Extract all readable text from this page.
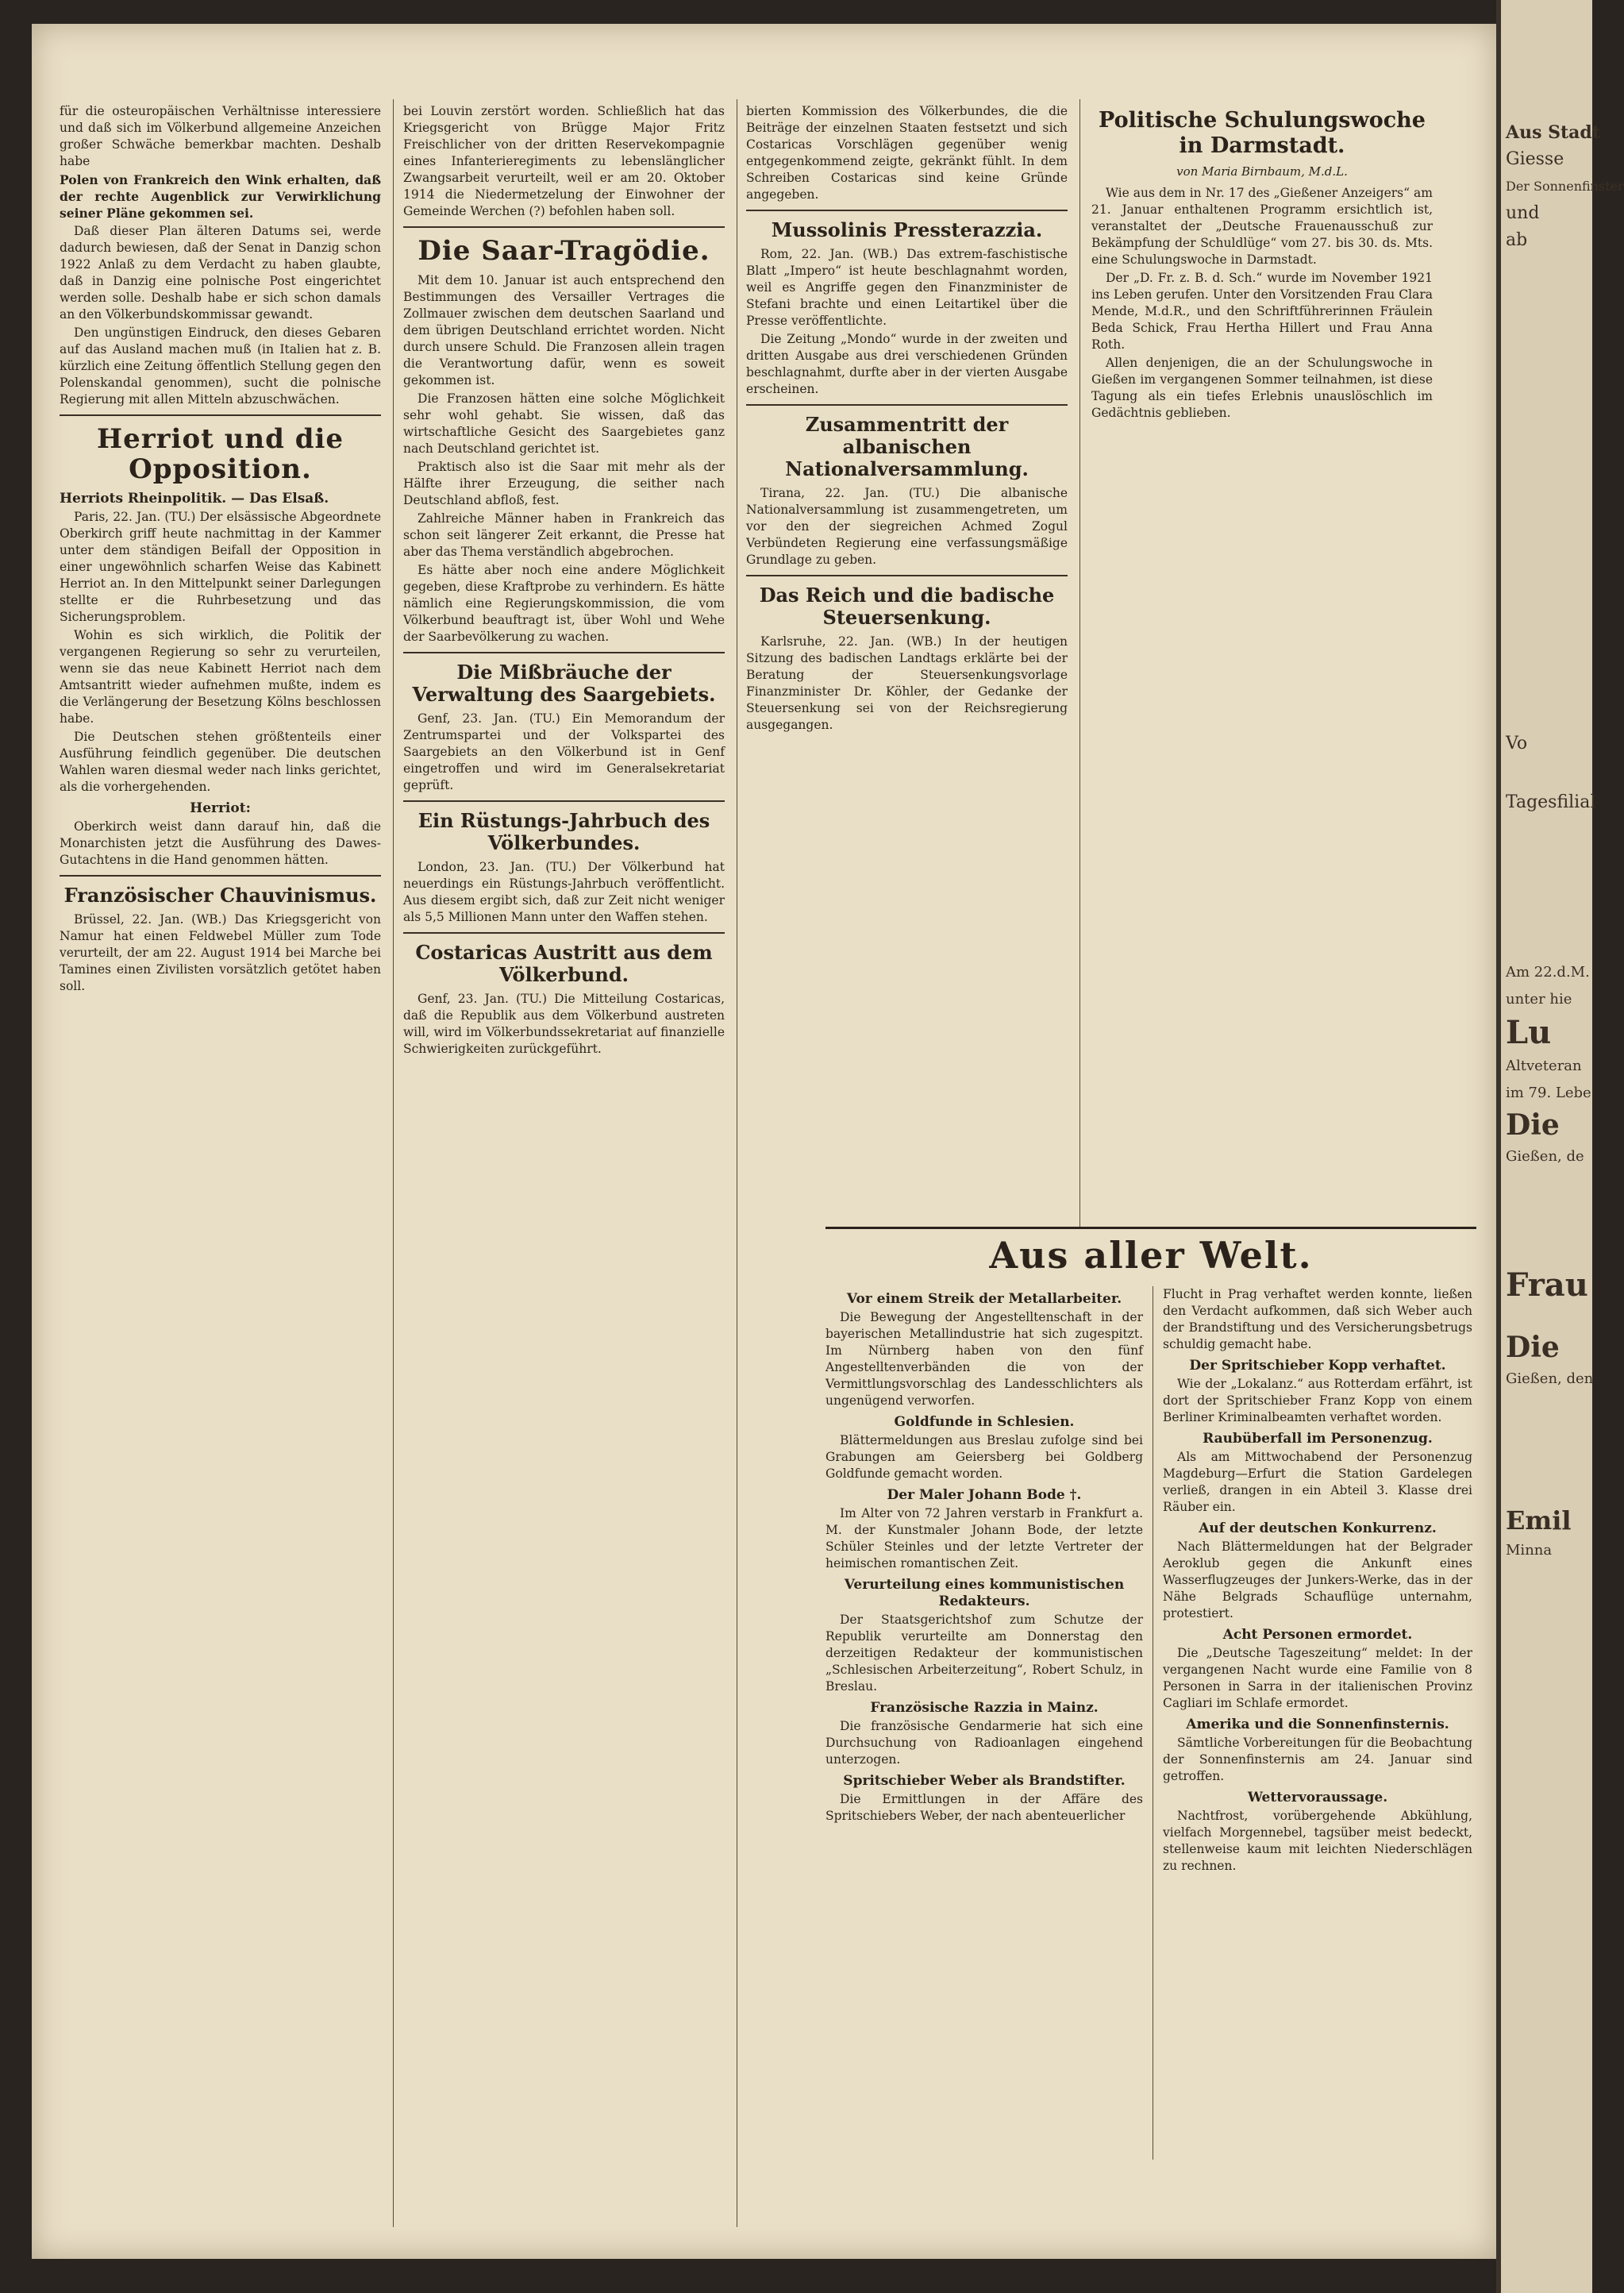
für die osteuropäischen Verhältnisse interessiere und daß sich im Völkerbund allgemeine Anzeichen großer Schwäche bemerkbar machten. Deshalb habe

Polen von Frankreich den Wink erhalten, daß der rechte Augenblick zur Verwirklichung seiner Pläne gekommen sei.

Daß dieser Plan älteren Datums sei, werde dadurch bewiesen, daß der Senat in Danzig schon 1922 Anlaß zu dem Verdacht zu haben glaubte, daß in Danzig eine polnische Post eingerichtet werden solle. Deshalb habe er sich schon damals an den Völkerbundskommissar gewandt.

Den ungünstigen Eindruck, den dieses Gebaren auf das Ausland machen muß (in Italien hat z. B. kürzlich eine Zeitung öffentlich Stellung gegen den Polenskandal genommen), sucht die polnische Regierung mit allen Mitteln abzuschwächen.

Herriot und die Opposition.
Herriots Rheinpolitik. — Das Elsaß.

Paris, 22. Jan. (TU.) Der elsässische Abgeordnete Oberkirch griff heute nachmittag in der Kammer unter dem ständigen Beifall der Opposition in einer ungewöhnlich scharfen Weise das Kabinett Herriot an. In den Mittelpunkt seiner Darlegungen stellte er die Ruhrbesetzung und das Sicherungsproblem.

Wohin es sich wirklich, die Politik der vergangenen Regierung so sehr zu verurteilen, wenn sie das neue Kabinett Herriot nach dem Amtsantritt wieder aufnehmen mußte, indem es die Verlängerung der Besetzung Kölns beschlossen habe.

Die Deutschen stehen größtenteils einer Ausführung feindlich gegenüber. Die deutschen Wahlen waren diesmal weder nach links gerichtet, als die vorhergehenden.

Herriot:

Oberkirch weist dann darauf hin, daß die Monarchisten jetzt die Ausführung des Dawes-Gutachtens in die Hand genommen hätten.

Französischer Chauvinismus.

Brüssel, 22. Jan. (WB.) Das Kriegsgericht von Namur hat einen Feldwebel Müller zum Tode verurteilt, der am 22. August 1914 bei Marche bei Tamines einen Zivilisten vorsätzlich getötet haben soll.

bei Louvin zerstört worden. Schließlich hat das Kriegsgericht von Brügge Major Fritz Freischlicher von der dritten Reservekompagnie eines Infanterieregiments zu lebenslänglicher Zwangsarbeit verurteilt, weil er am 20. Oktober 1914 die Niedermetzelung der Einwohner der Gemeinde Werchen (?) befohlen haben soll.

Die Saar-Tragödie.

Mit dem 10. Januar ist auch entsprechend den Bestimmungen des Versailler Vertrages die Zollmauer zwischen dem deutschen Saarland und dem übrigen Deutschland errichtet worden. Nicht durch unsere Schuld. Die Franzosen allein tragen die Verantwortung dafür, wenn es soweit gekommen ist.

Die Franzosen hätten eine solche Möglichkeit sehr wohl gehabt. Sie wissen, daß das wirtschaftliche Gesicht des Saargebietes ganz nach Deutschland gerichtet ist.

Praktisch also ist die Saar mit mehr als der Hälfte ihrer Erzeugung, die seither nach Deutschland abfloß, fest.

Zahlreiche Männer haben in Frankreich das schon seit längerer Zeit erkannt, die Presse hat aber das Thema verständlich abgebrochen.

Es hätte aber noch eine andere Möglichkeit gegeben, diese Kraftprobe zu verhindern. Es hätte nämlich eine Regierungskommission, die vom Völkerbund beauftragt ist, über Wohl und Wehe der Saarbevölkerung zu wachen.

Die Mißbräuche der Verwaltung des Saargebiets.

Genf, 23. Jan. (TU.) Ein Memorandum der Zentrumspartei und der Volkspartei des Saargebiets an den Völkerbund ist in Genf eingetroffen und wird im Generalsekretariat geprüft.

Ein Rüstungs-Jahrbuch des Völkerbundes.

London, 23. Jan. (TU.) Der Völkerbund hat neuerdings ein Rüstungs-Jahrbuch veröffentlicht. Aus diesem ergibt sich, daß zur Zeit nicht weniger als 5,5 Millionen Mann unter den Waffen stehen.

Costaricas Austritt aus dem Völkerbund.

Genf, 23. Jan. (TU.) Die Mitteilung Costaricas, daß die Republik aus dem Völkerbund austreten will, wird im Völkerbundssekretariat auf finanzielle Schwierigkeiten zurückgeführt.

bierten Kommission des Völkerbundes, die die Beiträge der einzelnen Staaten festsetzt und sich Costaricas Vorschlägen gegenüber wenig entgegenkommend zeigte, gekränkt fühlt. In dem Schreiben Costaricas sind keine Gründe angegeben.

Mussolinis Pressterazzia.

Rom, 22. Jan. (WB.) Das extrem-faschistische Blatt „Impero“ ist heute beschlagnahmt worden, weil es Angriffe gegen den Finanzminister de Stefani brachte und einen Leitartikel über die Presse veröffentlichte.

Die Zeitung „Mondo“ wurde in der zweiten und dritten Ausgabe aus drei verschiedenen Gründen beschlagnahmt, durfte aber in der vierten Ausgabe erscheinen.

Zusammentritt der albanischen Nationalversammlung.

Tirana, 22. Jan. (TU.) Die albanische Nationalversammlung ist zusammengetreten, um vor den der siegreichen Achmed Zogul Verbündeten Regierung eine verfassungsmäßige Grundlage zu geben.

Das Reich und die badische Steuersenkung.

Karlsruhe, 22. Jan. (WB.) In der heutigen Sitzung des badischen Landtags erklärte bei der Beratung der Steuersenkungsvorlage Finanzminister Dr. Köhler, der Gedanke der Steuersenkung sei von der Reichsregierung ausgegangen.

Politische Schulungswoche in Darmstadt.
von Maria Birnbaum, M.d.L.

Wie aus dem in Nr. 17 des „Gießener Anzeigers“ am 21. Januar enthaltenen Programm ersichtlich ist, veranstaltet der „Deutsche Frauenausschuß zur Bekämpfung der Schuldlüge“ vom 27. bis 30. ds. Mts. eine Schulungswoche in Darmstadt.

Der „D. Fr. z. B. d. Sch.“ wurde im November 1921 ins Leben gerufen. Unter den Vorsitzenden Frau Clara Mende, M.d.R., und den Schriftführerinnen Fräulein Beda Schick, Frau Hertha Hillert und Frau Anna Roth.

Allen denjenigen, die an der Schulungswoche in Gießen im vergangenen Sommer teilnahmen, ist diese Tagung als ein tiefes Erlebnis unauslöschlich im Gedächtnis geblieben.

Aus aller Welt.
Vor einem Streik der Metallarbeiter.

Die Bewegung der Angestelltenschaft in der bayerischen Metallindustrie hat sich zugespitzt. Im Nürnberg haben von den fünf Angestelltenverbänden die von der Vermittlungsvorschlag des Landesschlichters als ungenügend verworfen.

Goldfunde in Schlesien.

Blättermeldungen aus Breslau zufolge sind bei Grabungen am Geiersberg bei Goldberg Goldfunde gemacht worden.

Der Maler Johann Bode †.

Im Alter von 72 Jahren verstarb in Frankfurt a. M. der Kunstmaler Johann Bode, der letzte Schüler Steinles und der letzte Vertreter der heimischen romantischen Zeit.

Verurteilung eines kommunistischen Redakteurs.

Der Staatsgerichtshof zum Schutze der Republik verurteilte am Donnerstag den derzeitigen Redakteur der kommunistischen „Schlesischen Arbeiterzeitung“, Robert Schulz, in Breslau.

Französische Razzia in Mainz.

Die französische Gendarmerie hat sich eine Durchsuchung von Radioanlagen eingehend unterzogen.

Spritschieber Weber als Brandstifter.

Die Ermittlungen in der Affäre des Spritschiebers Weber, der nach abenteuerlicher

Flucht in Prag verhaftet werden konnte, ließen den Verdacht aufkommen, daß sich Weber auch der Brandstiftung und des Versicherungsbetrugs schuldig gemacht habe.

Der Spritschieber Kopp verhaftet.

Wie der „Lokalanz.“ aus Rotterdam erfährt, ist dort der Spritschieber Franz Kopp von einem Berliner Kriminalbeamten verhaftet worden.

Raubüberfall im Personenzug.

Als am Mittwochabend der Personenzug Magdeburg—Erfurt die Station Gardelegen verließ, drangen in ein Abteil 3. Klasse drei Räuber ein.

Auf der deutschen Konkurrenz.

Nach Blättermeldungen hat der Belgrader Aeroklub gegen die Ankunft eines Wasserflugzeuges der Junkers-Werke, das in der Nähe Belgrads Schauflüge unternahm, protestiert.

Acht Personen ermordet.

Die „Deutsche Tageszeitung“ meldet: In der vergangenen Nacht wurde eine Familie von 8 Personen in Sarra in der italienischen Provinz Cagliari im Schlafe ermordet.

Amerika und die Sonnenfinsternis.

Sämtliche Vorbereitungen für die Beobachtung der Sonnenfinsternis am 24. Januar sind getroffen.

Wettervoraussage.

Nachtfrost, vorübergehende Abkühlung, vielfach Morgennebel, tagsüber meist bedeckt, stellenweise kaum mit leichten Niederschlägen zu rechnen.

Aus Stadt
Giesse
Der Sonnenfinster
und
ab
Vo
Tagesfilial
Am 22.d.M.
unter hie
Lu
Altveteran
im 79. Lebe
Die
Gießen, de
Frau
Die
Gießen, den
Emil
Minna
